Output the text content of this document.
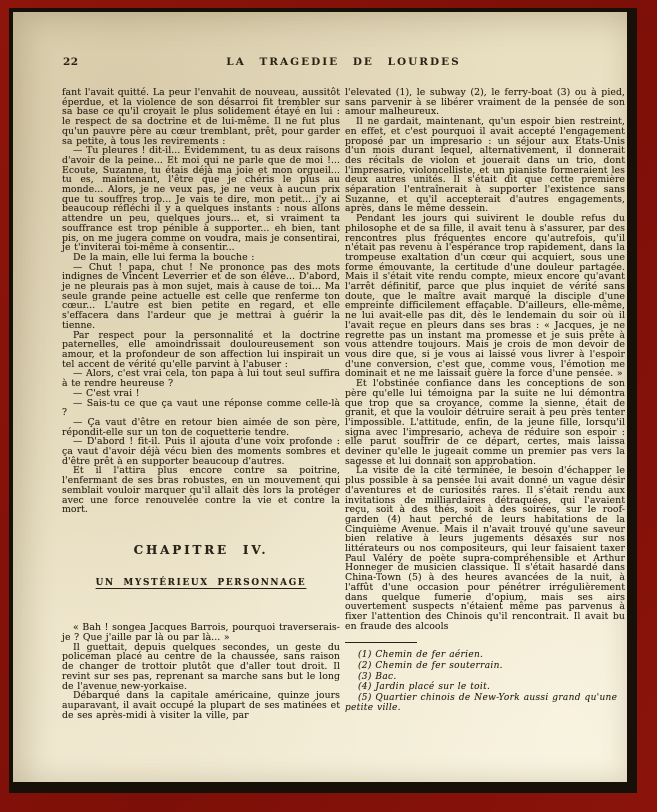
22	LA TRAGEDIE DE LOURDES

fant l'avait quitté. La peur l'envahit de nouveau, aussitôt éperdue, et la violence de son désarroi fit trembler sur sa base ce qu'il croyait le plus solidement étayé en lui : le respect de sa doctrine et de lui-même. Il ne fut plus qu'un pauvre père au cœur tremblant, prêt, pour garder sa petite, à tous les revirements :

— Tu pleures ! dit-il... Evidemment, tu as deux raisons d'avoir de la peine... Et moi qui ne parle que de moi !... Ecoute, Suzanne, tu étais déjà ma joie et mon orgueil... tu es, maintenant, l'être que je chéris le plus au monde... Alors, je ne veux pas, je ne veux à aucun prix que tu souffres trop... Je vais te dire, mon petit... j'y ai beaucoup réfléchi il y a quelques instants : nous allons attendre un peu, quelques jours... et, si vraiment ta souffrance est trop pénible à supporter... eh bien, tant pis, on me jugera comme on voudra, mais je consentirai, je t'inviterai toi-même à consentir...

De la main, elle lui ferma la bouche :

— Chut ! papa, chut ! Ne prononce pas des mots indignes de Vincent Leverrier et de son élève... D'abord, je ne pleurais pas à mon sujet, mais à cause de toi... Ma seule grande peine actuelle est celle que renferme ton cœur... L'autre est bien petite en regard, et elle s'effacera dans l'ardeur que je mettrai à guérir la tienne.

Par respect pour la personnalité et la doctrine paternelles, elle amoindrissait douloureusement son amour, et la profondeur de son affection lui inspirait un tel accent de vérité qu'elle parvint à l'abuser :

— Alors, c'est vrai cela, ton papa à lui tout seul suffira à te rendre heureuse ?

— C'est vrai !

— Sais-tu ce que ça vaut une réponse comme celle-là ?

— Ça vaut d'être en retour bien aimée de son père, répondit-elle sur un ton de coquetterie tendre.

— D'abord ! fit-il. Puis il ajouta d'une voix profonde : ça vaut d'avoir déjà vécu bien des moments sombres et d'être prêt à en supporter beaucoup d'autres.

Et il l'attira plus encore contre sa poitrine, l'enfermant de ses bras robustes, en un mouvement qui semblait vouloir marquer qu'il allait dès lors la protéger avec une force renouvelée contre la vie et contre la mort.

CHAPITRE IV.
UN MYSTÉRIEUX PERSONNAGE

« Bah ! songea Jacques Barrois, pourquoi traverserais-je ? Que j'aille par là ou par là... »

Il guettait, depuis quelques secondes, un geste du policeman placé au centre de la chaussée, sans raison de changer de trottoir plutôt que d'aller tout droit. Il revint sur ses pas, reprenant sa marche sans but le long de l'avenue new-yorkaise.

Débarqué dans la capitale américaine, quinze jours auparavant, il avait occupé la plupart de ses matinées et de ses après-midi à visiter la ville, par

l'elevated (1), le subway (2), le ferry-boat (3) ou à pied, sans parvenir à se libérer vraiment de la pensée de son amour malheureux.

Il ne gardait, maintenant, qu'un espoir bien restreint, en effet, et c'est pourquoi il avait accepté l'engagement proposé par un impresario : un séjour aux Etats-Unis d'un mois durant lequel, alternativement, il donnerait des récitals de violon et jouerait dans un trio, dont l'impresario, violoncelliste, et un pianiste formeraient les deux autres unités. Il s'était dit que cette première séparation l'entraînerait à supporter l'existence sans Suzanne, et qu'il accepterait d'autres engagements, après, dans le même dessein.

Pendant les jours qui suivirent le double refus du philosophe et de sa fille, il avait tenu à s'assurer, par des rencontres plus fréquentes encore qu'autrefois, qu'il n'était pas revenu à l'espérance trop rapidement, dans la trompeuse exaltation d'un cœur qui acquiert, sous une forme émouvante, la certitude d'une douleur partagée. Mais il s'était vite rendu compte, mieux encore qu'avant l'arrêt définitif, parce que plus inquiet de vérité sans doute, que le maître avait marqué la disciple d'une empreinte difficilement effaçable. D'ailleurs, elle-même, ne lui avait-elle pas dit, dès le lendemain du soir où il l'avait reçue en pleurs dans ses bras : « Jacques, je ne regrette pas un instant ma promesse et je suis prête à vous attendre toujours. Mais je crois de mon devoir de vous dire que, si je vous ai laissé vous livrer à l'espoir d'une conversion, c'est que, comme vous, l'émotion me dominait et ne me laissait guère la force d'une pensée. »

Et l'obstinée confiance dans les conceptions de son père qu'elle lui témoigna par la suite ne lui démontra que trop que sa croyance, comme la sienne, était de granit, et que la vouloir détruire serait à peu près tenter l'impossible. L'attitude, enfin, de la jeune fille, lorsqu'il signa avec l'impresario, acheva de réduire son espoir : elle parut souffrir de ce départ, certes, mais laissa deviner qu'elle le jugeait comme un premier pas vers la sagesse et lui donnait son approbation.

La visite de la cité terminée, le besoin d'échapper le plus possible à sa pensée lui avait donné un vague désir d'aventures et de curiosités rares. Il s'était rendu aux invitations de milliardaires détraquées, qui l'avaient reçu, soit à des thés, soit à des soirées, sur le roof-garden (4) haut perché de leurs habitations de la Cinquième Avenue. Mais il n'avait trouvé qu'une saveur bien relative à leurs jugements désaxés sur nos littérateurs ou nos compositeurs, qui leur faisaient taxer Paul Valéry de poète supra-compréhensible et Arthur Honneger de musicien classique. Il s'était hasardé dans China-Town (5) à des heures avancées de la nuit, à l'affût d'une occasion pour pénétrer irrégulièrement dans quelque fumerie d'opium, mais ses airs ouvertement suspects n'étaient même pas parvenus à fixer l'attention des Chinois qu'il rencontrait. Il avait bu en fraude des alcools

(1) Chemin de fer aérien.

(2) Chemin de fer souterrain.

(3) Bac.

(4) Jardin placé sur le toit.

(5) Quartier chinois de New-York aussi grand qu'une petite ville.
